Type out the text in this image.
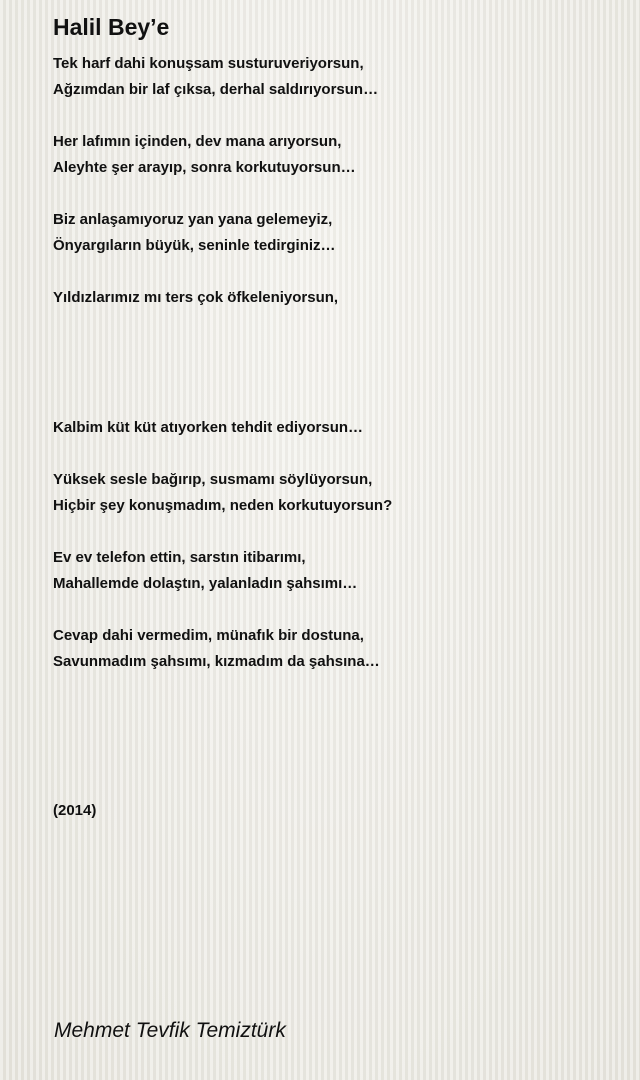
Halil Bey’e
Tek harf dahi konuşsam susturuveriyorsun,
Ağzımdan bir laf çıksa, derhal saldırıyorsun…
Her lafımın içinden, dev mana arıyorsun,
Aleyhte şer arayıp, sonra korkutuyorsun…
Biz anlaşamıyoruz yan yana gelemeyiz,
Önyargıların büyük, seninle tedirginiz…
Yıldızlarımız mı ters çok öfkeleniyorsun,
Kalbim küt küt atıyorken tehdit ediyorsun…
Yüksek sesle bağırıp, susmamı söylüyorsun,
Hiçbir şey konuşmadım, neden korkutuyorsun?
Ev ev telefon ettin, sarstın itibarımı,
Mahallemde dolaştın, yalanladın şahsımı…
Cevap dahi vermedim, münafık bir dostuna,
Savunmadım şahsımı, kızmadım da şahsına…
(2014)
Mehmet Tevfik Temiztürk
